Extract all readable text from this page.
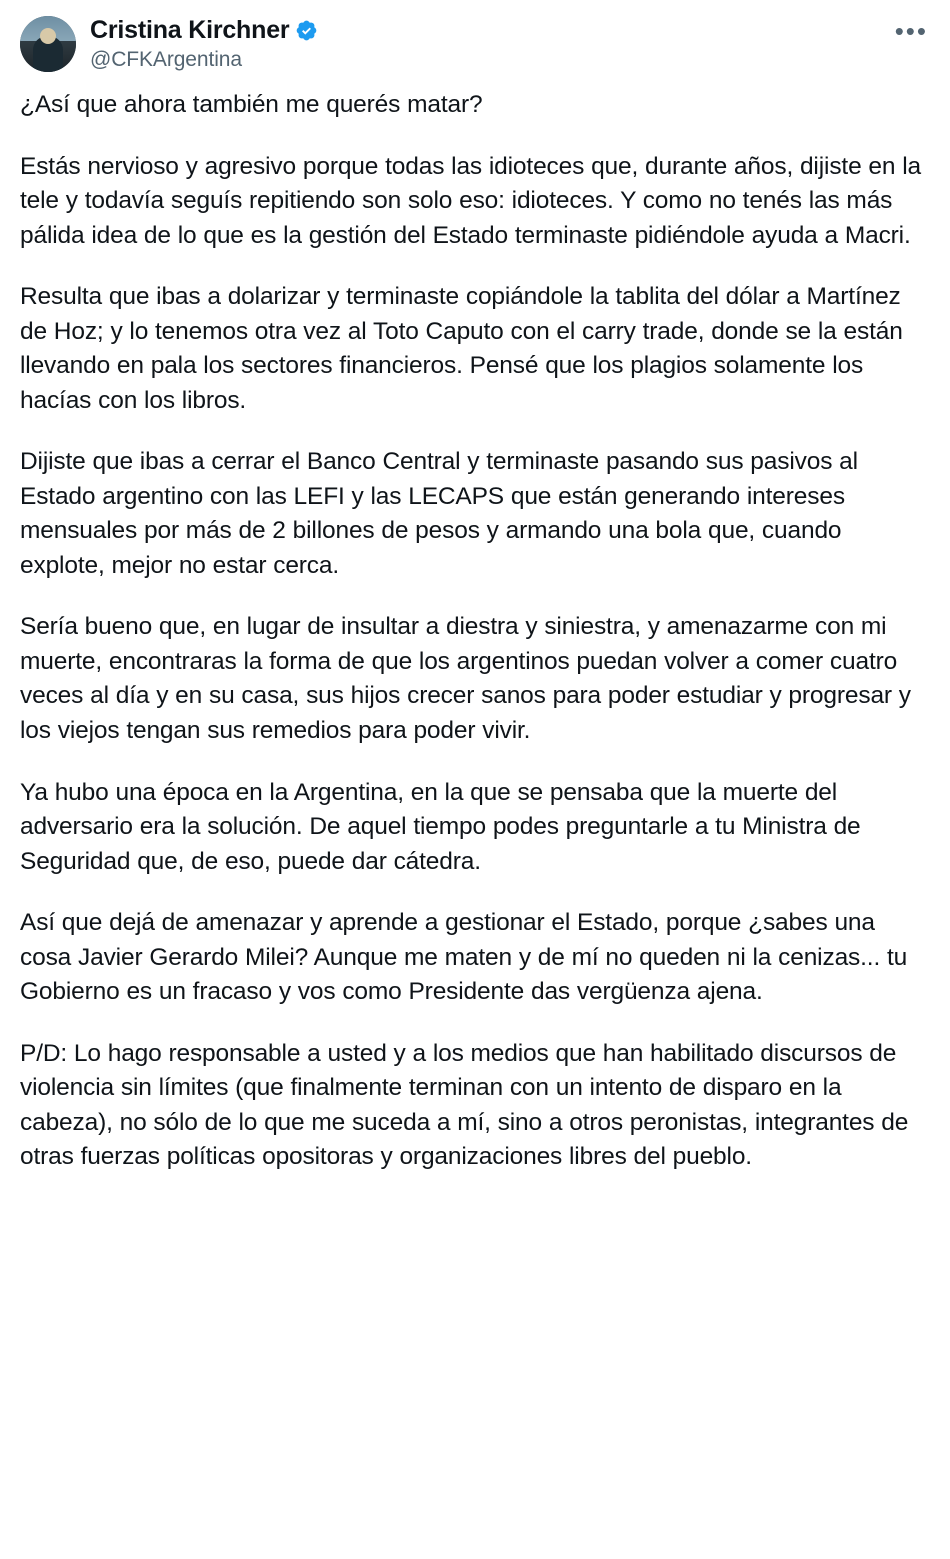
•••
Cristina Kirchner
@CFKArgentina

¿Así que ahora también me querés matar?

Estás nervioso y agresivo porque todas las idioteces que, durante años, dijiste en la tele y todavía seguís repitiendo son solo eso: idioteces. Y como no tenés las más pálida idea de lo que es la gestión del Estado terminaste pidiéndole ayuda a Macri.

Resulta que ibas a dolarizar y terminaste copiándole la tablita del dólar a Martínez de Hoz; y lo tenemos otra vez al Toto Caputo con el carry trade, donde se la están llevando en pala los sectores financieros. Pensé que los plagios solamente los hacías con los libros.

Dijiste que ibas a cerrar el Banco Central y terminaste pasando sus pasivos al Estado argentino con las LEFI y las LECAPS que están generando intereses mensuales por más de 2 billones de pesos y armando una bola que, cuando explote, mejor no estar cerca.

Sería bueno que, en lugar de insultar a diestra y siniestra, y amenazarme con mi muerte, encontraras la forma de que los argentinos puedan volver a comer cuatro veces al día y en su casa, sus hijos crecer sanos para poder estudiar y progresar y los viejos tengan sus remedios para poder vivir.

Ya hubo una época en la Argentina, en la que se pensaba que la muerte del adversario era la solución. De aquel tiempo podes preguntarle a tu Ministra de Seguridad que, de eso, puede dar cátedra.

Así que dejá de amenazar y aprende a gestionar el Estado, porque ¿sabes una cosa Javier Gerardo Milei? Aunque me maten y de mí no queden ni la cenizas... tu Gobierno es un fracaso y vos como Presidente das vergüenza ajena.

P/D: Lo hago responsable a usted y a los medios que han habilitado discursos de violencia sin límites (que finalmente terminan con un intento de disparo en la cabeza), no sólo de lo que me suceda a mí, sino a otros peronistas, integrantes de otras fuerzas políticas opositoras y organizaciones libres del pueblo.
